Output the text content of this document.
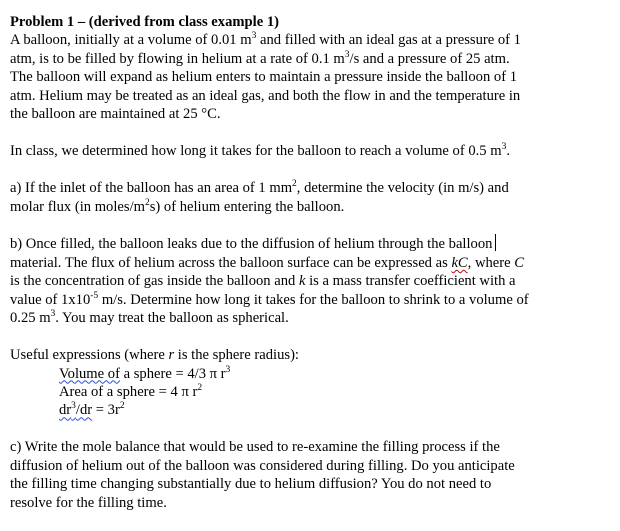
Problem 1 – (derived from class example 1)

A balloon, initially at a volume of 0.01 $m^3$ and filled with an ideal gas at a pressure of 1
atm, is to be filled by flowing in helium at a rate of 0.1 $m^3/s$ and a pressure of 25 atm.
The balloon will expand as helium enters to maintain a pressure inside the balloon of 1
atm. Helium may be treated as an ideal gas, and both the flow in and the temperature in
the balloon are maintained at 25 °C.

In class, we determined how long it takes for the balloon to reach a volume of 0.5 $m^3$.

a) If the inlet of the balloon has an area of 1 $mm^2$, determine the velocity (in m/s) and
molar flux (in moles/$m^2s$) of helium entering the balloon.
b) Once filled, the balloon leaks due to the diffusion of helium through the balloon
material. The flux of helium across the balloon surface can be expressed as kC, where C
is the concentration of gas inside the balloon and k is a mass transfer coefficient with a
value of $1x10^{-5}$ m/s. Determine how long it takes for the balloon to shrink to a volume of
0.25 $m^3$. You may treat the balloon as spherical.
Useful expressions (where r is the sphere radius):
Volume of a sphere = 4/3 π $r^3$
Area of a sphere = 4 π $r^2$
$dr^3/dr = 3r^2$
c) Write the mole balance that would be used to re-examine the filling process if the
diffusion of helium out of the balloon was considered during filling. Do you anticipate
the filling time changing substantially due to helium diffusion? You do not need to
resolve for the filling time.
